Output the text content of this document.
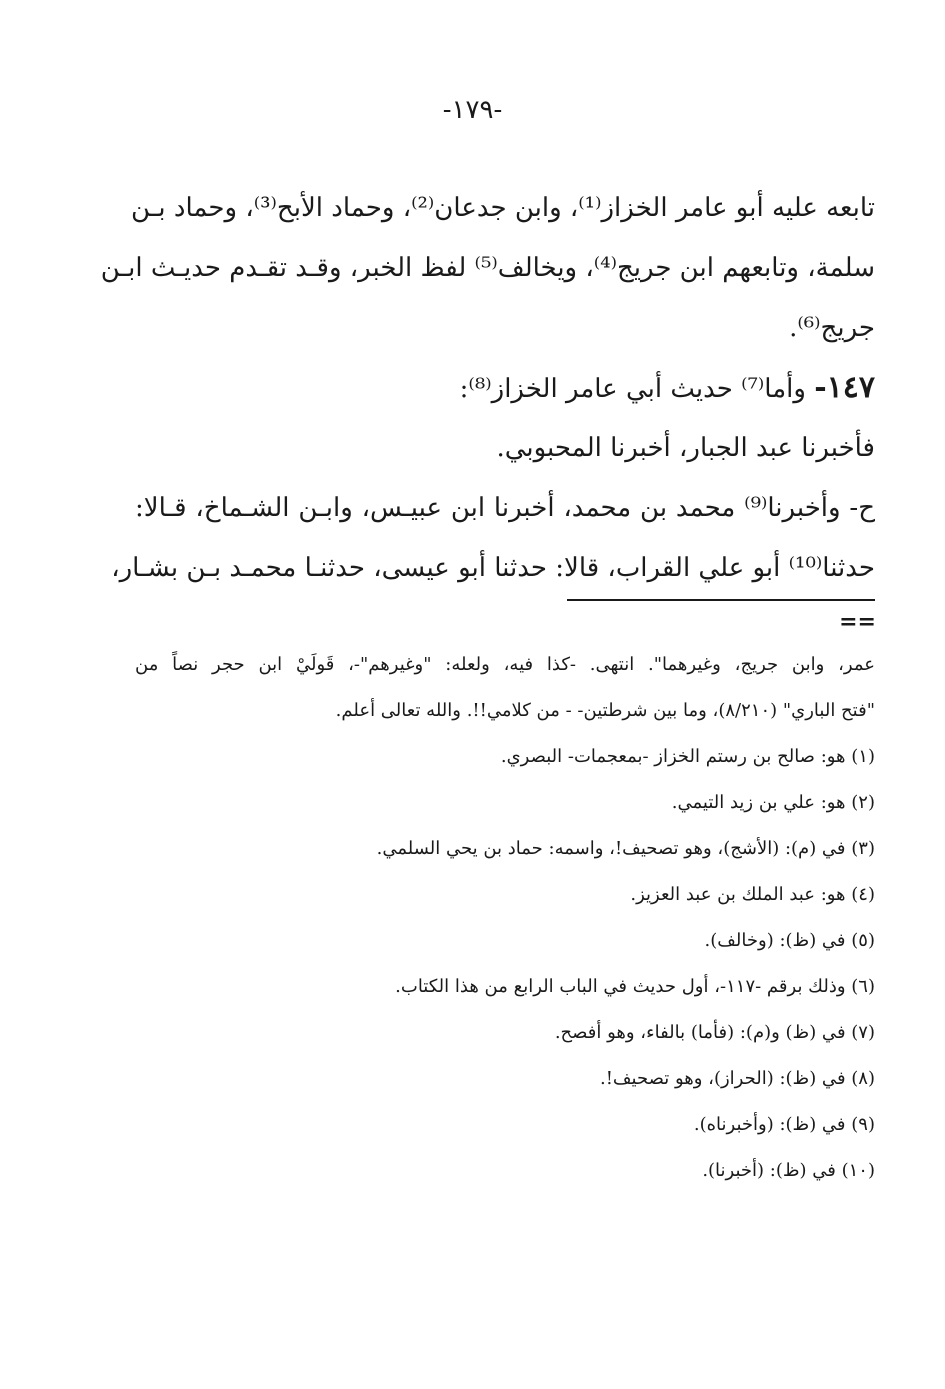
-١٧٩-
تابعه عليه أبو عامر الخزاز⁽¹⁾، وابن جدعان⁽²⁾، وحماد الأبح⁽³⁾، وحماد بـن
سلمة، وتابعهم ابن جريج⁽⁴⁾، ويخالف⁽⁵⁾ لفظ الخبر، وقـد تقـدم حديـث ابـن
جريج⁽⁶⁾.
١٤٧- وأما⁽⁷⁾ حديث أبي عامر الخزاز⁽⁸⁾:
فأخبرنا عبد الجبار، أخبرنا المحبوبي.
ح- وأخبرنا⁽⁹⁾ محمد بن محمد، أخبرنا ابن عبيـس، وابـن الشـماخ، قـالا:
حدثنا⁽¹⁰⁾ أبو علي القراب، قالا: حدثنا أبو عيسى، حدثنـا محمـد بـن بشـار،
==
عمر، وابن جريج، وغيرهما". انتهى. -كذا فيه، ولعله: "وغيرهم"-، قَولَيْ ابن حجر نصاً من
"فتح الباري" (٨/٢١٠)، وما بين شرطتين- - من كلامي!!. والله تعالى أعلم.
(١) هو: صالح بن رستم الخزاز -بمعجمات- البصري.
(٢) هو: علي بن زيد التيمي.
(٣) في (م): (الأشج)، وهو تصحيف!، واسمه: حماد بن يحي السلمي.
(٤) هو: عبد الملك بن عبد العزيز.
(٥) في (ظ): (وخالف).
(٦) وذلك برقم -١١٧-، أول حديث في الباب الرابع من هذا الكتاب.
(٧) في (ظ) و(م): (فأما) بالفاء، وهو أفصح.
(٨) في (ظ): (الحراز)، وهو تصحيف!.
(٩) في (ظ): (وأخبرناه).
(١٠) في (ظ): (أخبرنا).
